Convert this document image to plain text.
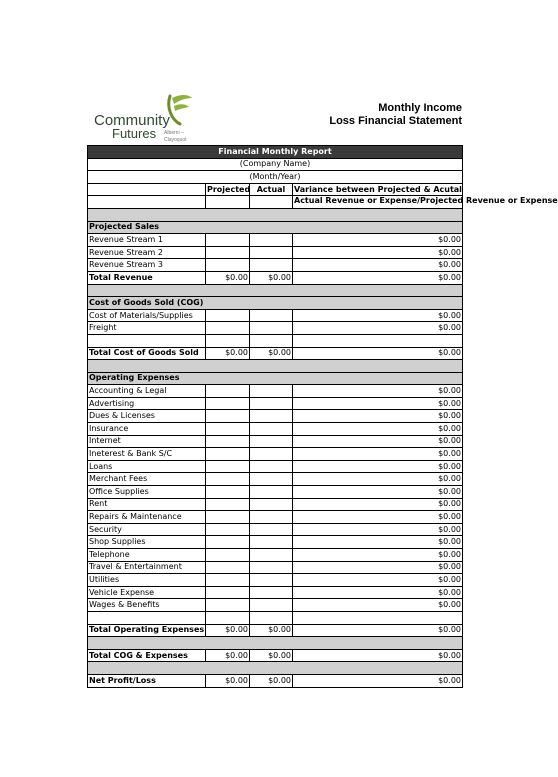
Community
Futures Alberni –
Clayoquot
Monthly Income
Loss Financial Statement
Financial Monthly Report			
(Company Name)			
(Month/Year)			
	Projected	Actual	Variance between Projected & Acutal
			Actual Revenue or Expense/Projected Revenue or Expense

Projected Sales			
Revenue Stream 1			$0.00
Revenue Stream 2			$0.00
Revenue Stream 3			$0.00
Total Revenue	$0.00	$0.00	$0.00

Cost of Goods Sold (COG)			
Cost of Materials/Supplies			$0.00
Freight			$0.00

Total Cost of Goods Sold	$0.00	$0.00	$0.00

Operating Expenses			
Accounting & Legal			$0.00
Advertising			$0.00
Dues & Licenses			$0.00
Insurance			$0.00
Internet			$0.00
Ineterest & Bank S/C			$0.00
Loans			$0.00
Merchant Fees			$0.00
Office Supplies			$0.00
Rent			$0.00
Repairs & Maintenance			$0.00
Security			$0.00
Shop Supplies			$0.00
Telephone			$0.00
Travel & Entertainment			$0.00
Utilities			$0.00
Vehicle Expense			$0.00
Wages & Benefits			$0.00

Total Operating Expenses	$0.00	$0.00	$0.00

Total COG & Expenses	$0.00	$0.00	$0.00

Net Profit/Loss	$0.00	$0.00	$0.00
